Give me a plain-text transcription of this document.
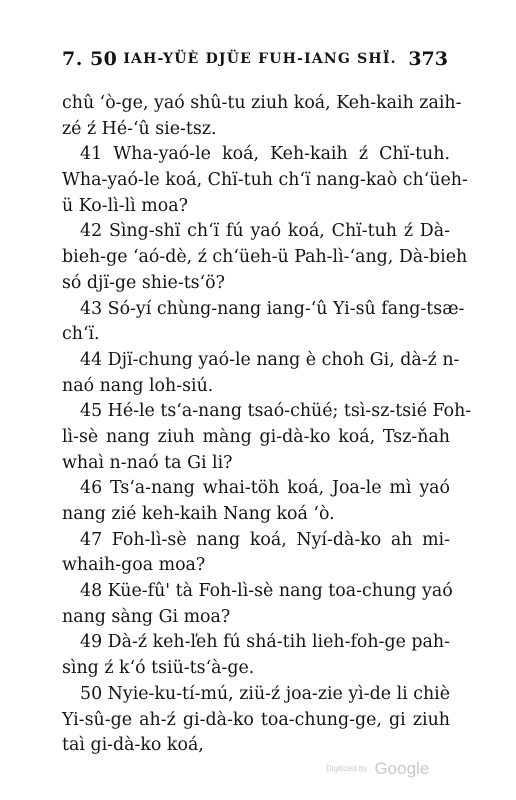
7. 50 IAH-YÜÈ DJÜE FUH-IANG SHÏ. 373
chû ʻò-ge, yaó shû-tu ziuh koá, Keh-kaih zaih-
zé ź Hé-ʻû sie-tsz.
41 Wha-yaó-le koá, Keh-kaih ź Chï-tuh.
Wha-yaó-le koá, Chï-tuh chʻï nang-kaò chʻüeh-
ü Ko-lì-lì moa?
42 Sìng-shï chʻï fú yaó koá, Chï-tuh ź Dà-
bieh-ge ʻaó-dè, ź chʻüeh-ü Pah-lì-ʻang, Dà-bieh
só djï-ge shie-tsʻö?
43 Só-yí chùng-nang iang-ʻû Yi-sû fang-tsæ-
chʻï.
44 Djï-chung yaó-le nang è choh Gi, dà-ź n-
naó nang loh-siú.
45 Hé-le tsʻa-nang tsaó-chüé; tsì-sz-tsié Foh-
lì-sè nang ziuh màng gi-dà-ko koá, Tsz-ňah
whaì n-naó ta Gi li?
46 Tsʻa-nang whai-töh koá, Joa-le mì yaó
nang zié keh-kaih Nang koá ʻò.
47 Foh-lì-sè nang koá, Nyí-dà-ko ah mi-
whaih-goa moa?
48 Küe-fû' tà Foh-lì-sè nang toa-chung yaó
nang sàng Gi moa?
49 Dà-ź keh-ľeh fú shá-tih lieh-foh-ge pah-
sìng ź kʻó tsiü-tsʻà-ge.
50 Nyie-ku-tí-mú, ziü-ź joa-zie yì-de li chiè
Yi-sû-ge ah-ź gi-dà-ko toa-chung-ge, gi ziuh
taì gi-dà-ko koá,
Digitized by Google
